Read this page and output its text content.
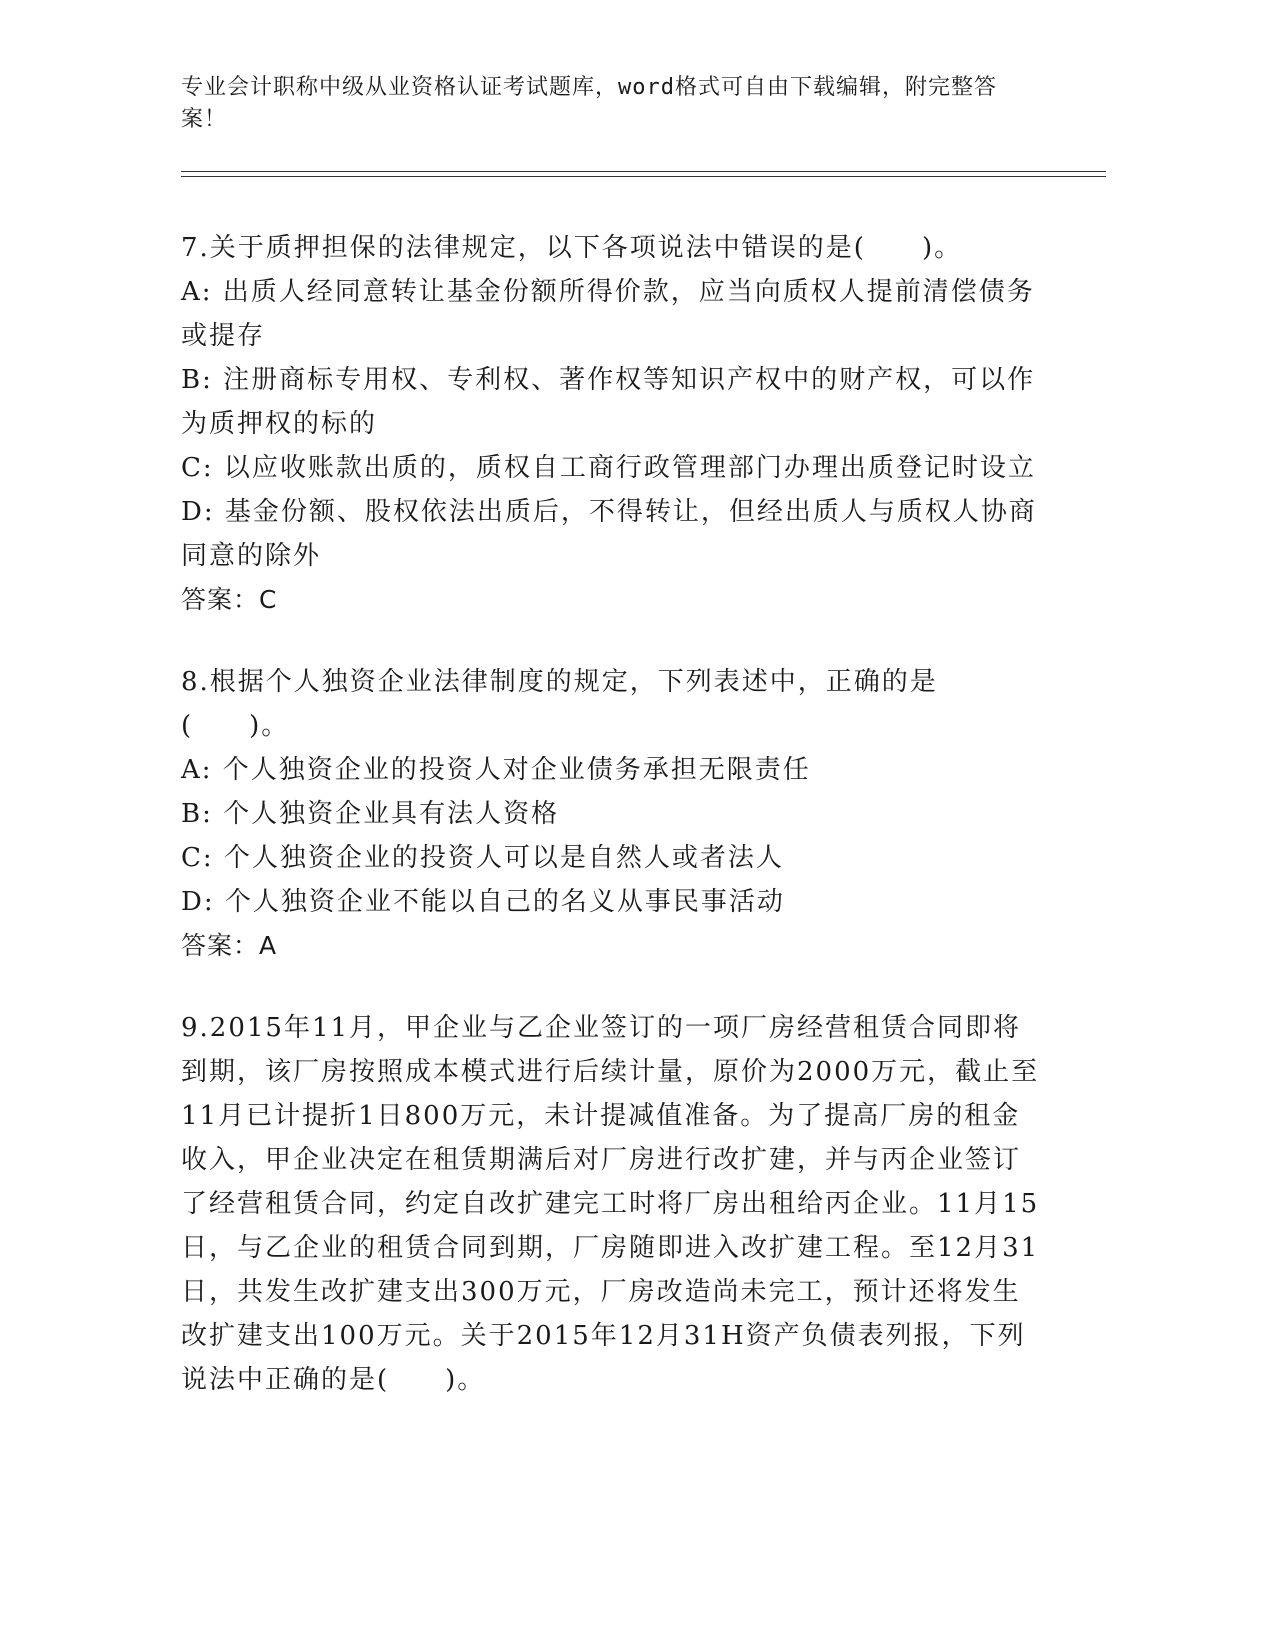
专业会计职称中级从业资格认证考试题库，word格式可自由下载编辑，附完整答案！

7.关于质押担保的法律规定，以下各项说法中错误的是(　　)。

A: 出质人经同意转让基金份额所得价款，应当向质权人提前清偿债务或提存

B: 注册商标专用权、专利权、著作权等知识产权中的财产权，可以作为质押权的标的

C: 以应收账款出质的，质权自工商行政管理部门办理出质登记时设立

D: 基金份额、股权依法出质后，不得转让，但经出质人与质权人协商同意的除外

答案：C

8.根据个人独资企业法律制度的规定，下列表述中，正确的是(　　)。

A: 个人独资企业的投资人对企业债务承担无限责任

B: 个人独资企业具有法人资格

C: 个人独资企业的投资人可以是自然人或者法人

D: 个人独资企业不能以自己的名义从事民事活动

答案：A

9.2015年11月，甲企业与乙企业签订的一项厂房经营租赁合同即将到期，该厂房按照成本模式进行后续计量，原价为2000万元，截止至11月已计提折1日800万元，未计提减值准备。为了提高厂房的租金收入，甲企业决定在租赁期满后对厂房进行改扩建，并与丙企业签订了经营租赁合同，约定自改扩建完工时将厂房出租给丙企业。11月15日，与乙企业的租赁合同到期，厂房随即进入改扩建工程。至12月31日，共发生改扩建支出300万元，厂房改造尚未完工，预计还将发生改扩建支出100万元。关于2015年12月31H资产负债表列报，下列说法中正确的是(　　)。
